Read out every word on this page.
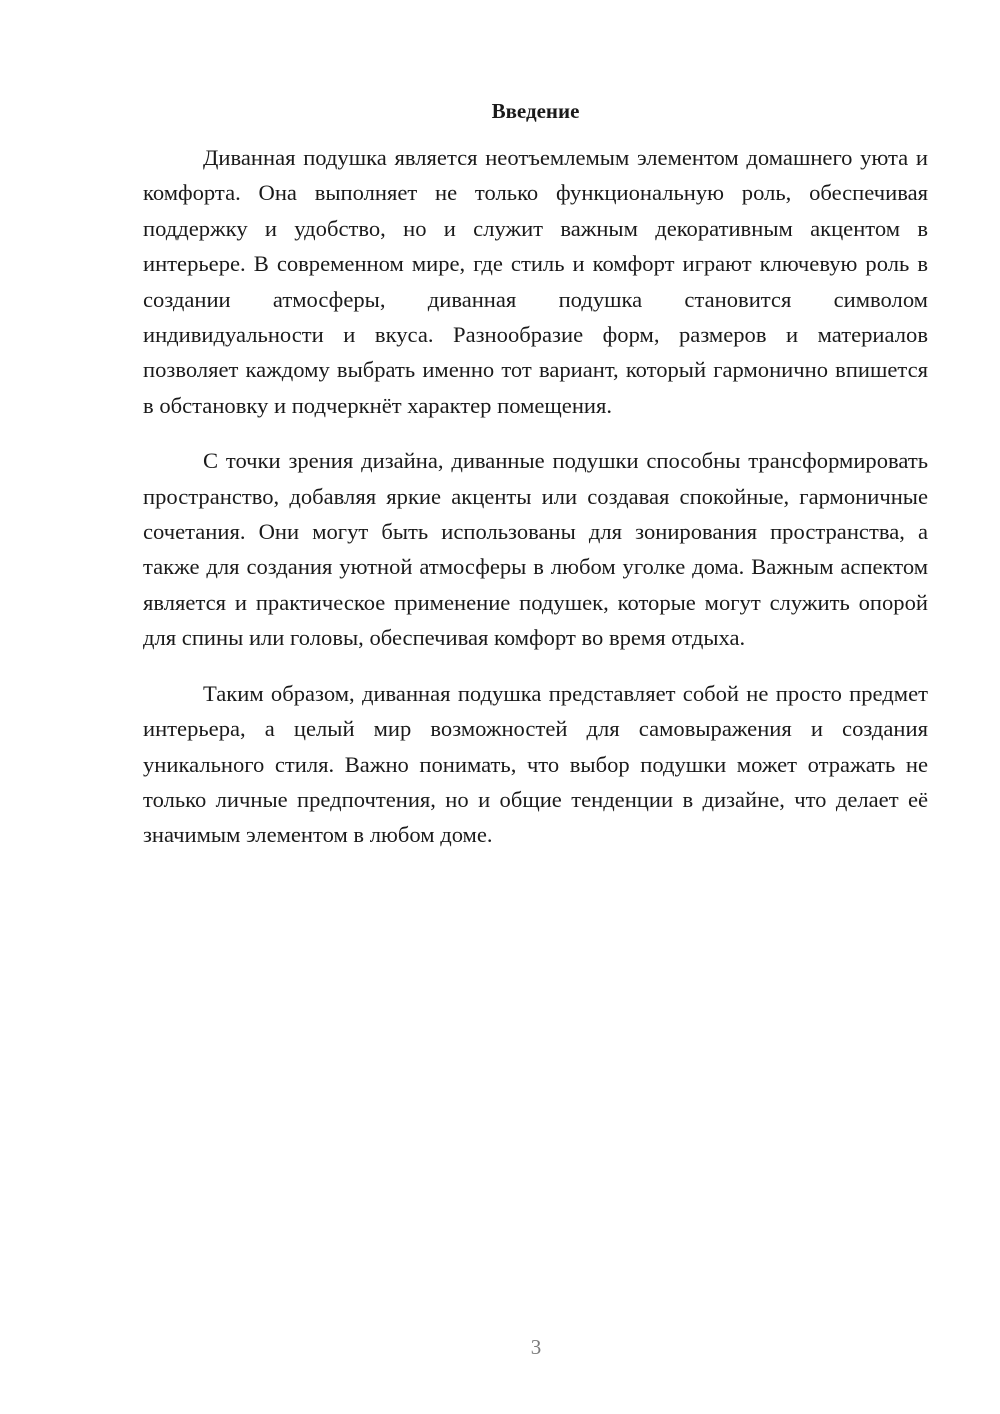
Введение

Диванная подушка является неотъемлемым элементом домашнего уюта и комфорта. Она выполняет не только функциональную роль, обеспечивая поддержку и удобство, но и служит важным декоративным акцентом в интерьере. В современном мире, где стиль и комфорт играют ключевую роль в создании атмосферы, диванная подушка становится символом индивидуальности и вкуса. Разнообразие форм, размеров и материалов позволяет каждому выбрать именно тот вариант, который гармонично впишется в обстановку и подчеркнёт характер помещения.

С точки зрения дизайна, диванные подушки способны трансформировать пространство, добавляя яркие акценты или создавая спокойные, гармоничные сочетания. Они могут быть использованы для зонирования пространства, а также для создания уютной атмосферы в любом уголке дома. Важным аспектом является и практическое применение подушек, которые могут служить опорой для спины или головы, обеспечивая комфорт во время отдыха.

Таким образом, диванная подушка представляет собой не просто предмет интерьера, а целый мир возможностей для самовыражения и создания уникального стиля. Важно понимать, что выбор подушки может отражать не только личные предпочтения, но и общие тенденции в дизайне, что делает её значимым элементом в любом доме.

3
